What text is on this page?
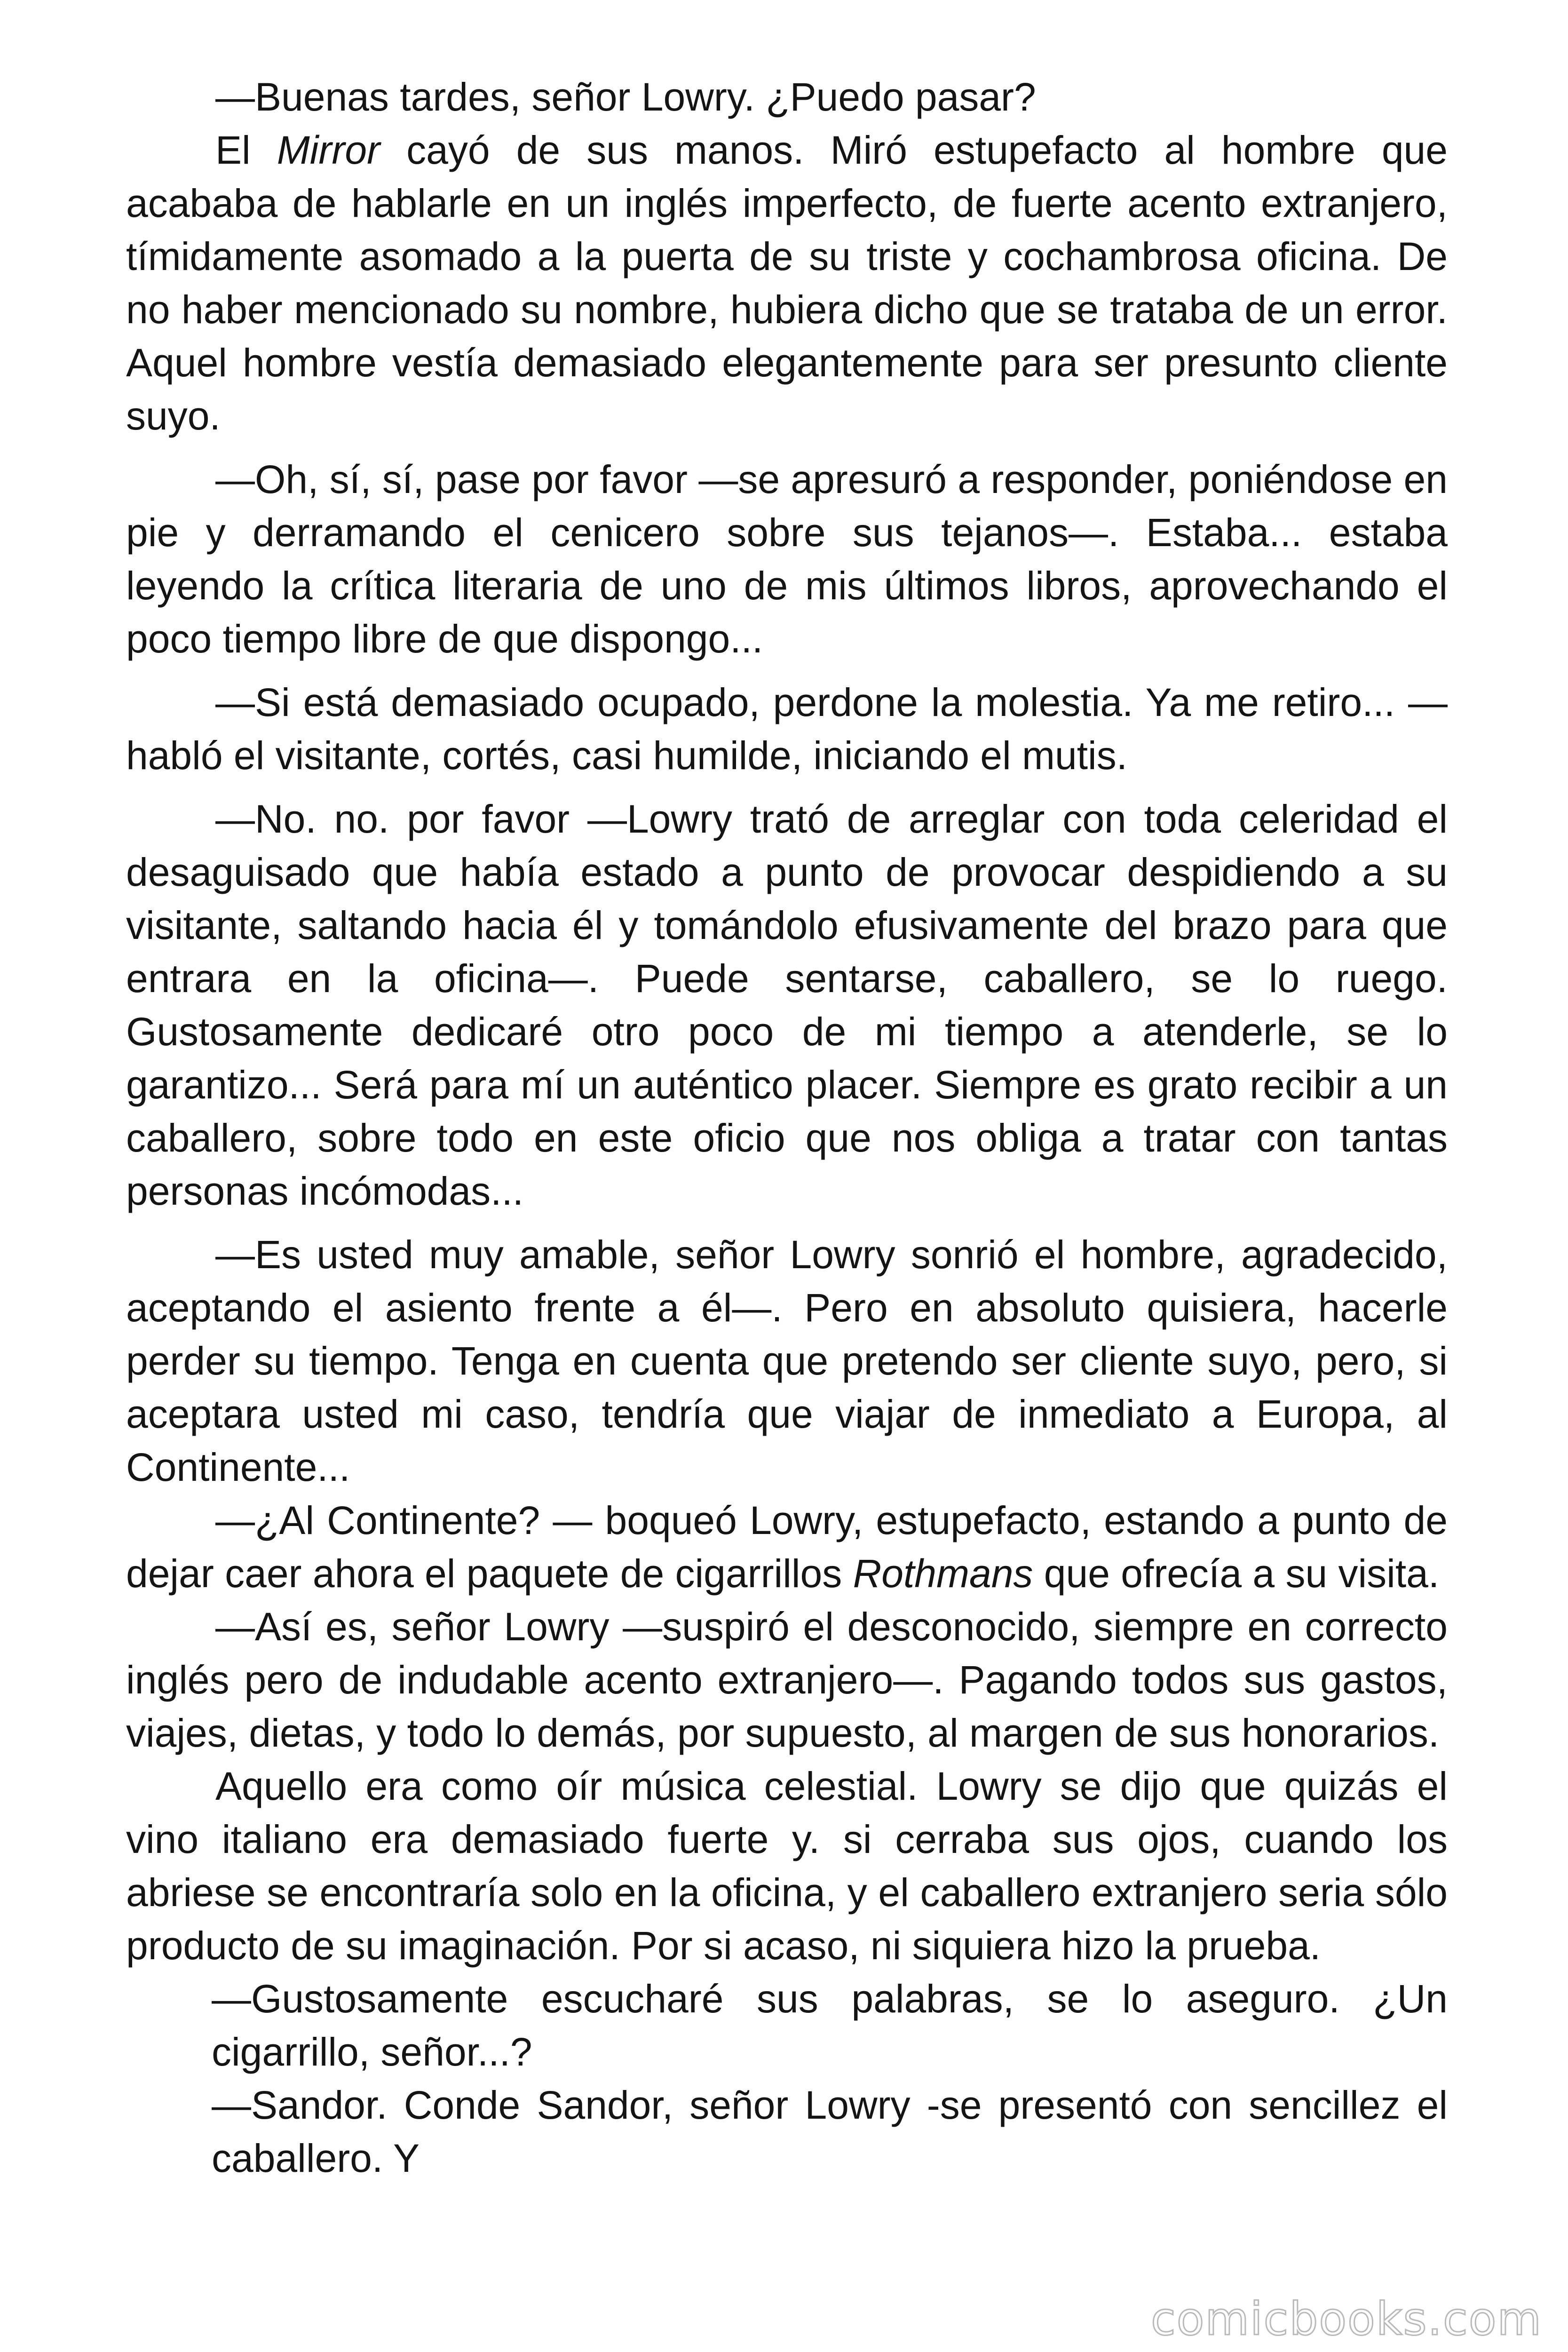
—Buenas tardes, señor Lowry. ¿Puedo pasar?

El Mirror cayó de sus manos. Miró estupefacto al hombre que acababa de hablarle en un inglés imperfecto, de fuerte acento extranjero, tímidamente asomado a la puerta de su triste y cochambrosa oficina. De no haber mencionado su nombre, hubiera dicho que se trataba de un error. Aquel hombre vestía demasiado elegantemente para ser presunto cliente suyo.

—Oh, sí, sí, pase por favor —se apresuró a responder, poniéndose en pie y derramando el cenicero sobre sus tejanos—. Estaba... estaba leyendo la crítica literaria de uno de mis últimos libros, aprovechando el poco tiempo libre de que dispongo...

—Si está demasiado ocupado, perdone la molestia. Ya me retiro... —habló el visitante, cortés, casi humilde, iniciando el mutis.

—No. no. por favor —Lowry trató de arreglar con toda celeridad el desaguisado que había estado a punto de provocar despidiendo a su visitante, saltando hacia él y tomándolo efusivamente del brazo para que entrara en la oficina—. Puede sentarse, caballero, se lo ruego. Gustosamente dedicaré otro poco de mi tiempo a atenderle, se lo garantizo... Será para mí un auténtico placer. Siempre es grato recibir a un caballero, sobre todo en este oficio que nos obliga a tratar con tantas personas incómodas...

—Es usted muy amable, señor Lowry sonrió el hombre, agradecido, aceptando el asiento frente a él—. Pero en absoluto quisiera, hacerle perder su tiempo. Tenga en cuenta que pretendo ser cliente suyo, pero, si aceptara usted mi caso, tendría que viajar de inmediato a Europa, al Continente...

—¿Al Continente? — boqueó Lowry, estupefacto, estando a punto de dejar caer ahora el paquete de cigarrillos Rothmans que ofrecía a su visita.

—Así es, señor Lowry —suspiró el desconocido, siempre en correcto inglés pero de indudable acento extranjero—. Pagando todos sus gastos, viajes, dietas, y todo lo demás, por supuesto, al margen de sus honorarios.

Aquello era como oír música celestial. Lowry se dijo que quizás el vino italiano era demasiado fuerte y. si cerraba sus ojos, cuando los abriese se encontraría solo en la oficina, y el caballero extranjero seria sólo producto de su imaginación. Por si acaso, ni siquiera hizo la prueba.

—Gustosamente escucharé sus palabras, se lo aseguro. ¿Un cigarrillo, señor...?

—Sandor. Conde Sandor, señor Lowry -se presentó con sencillez el caballero. Y

comicbooks.com
